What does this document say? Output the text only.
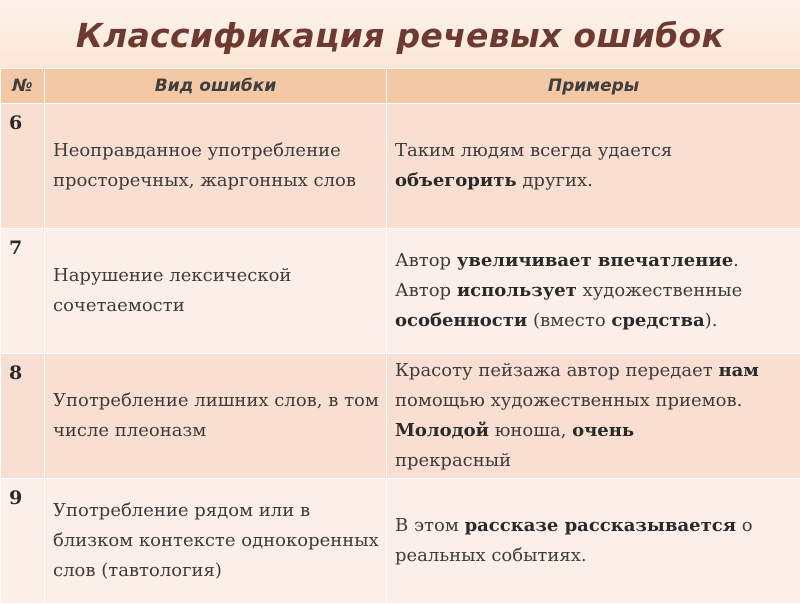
Классификация речевых ошибок
№	Вид ошибки	Примеры

6	Неоправданное употребление просторечных, жаргонных слов	Таким людям всегда удается
объегорить других.

7	Нарушение лексической сочетаемости	Автор увеличивает впечатление.
Автор использует художественные
особенности (вместо средства).

8	Употребление лишних слов, в том числе плеоназм	Красоту пейзажа автор передает нам
помощью художественных приемов.
Молодой юноша, очень
прекрасный

9	Употребление рядом или в близком контексте однокоренных слов (тавтология)	В этом рассказе рассказывается о
реальных событиях.
